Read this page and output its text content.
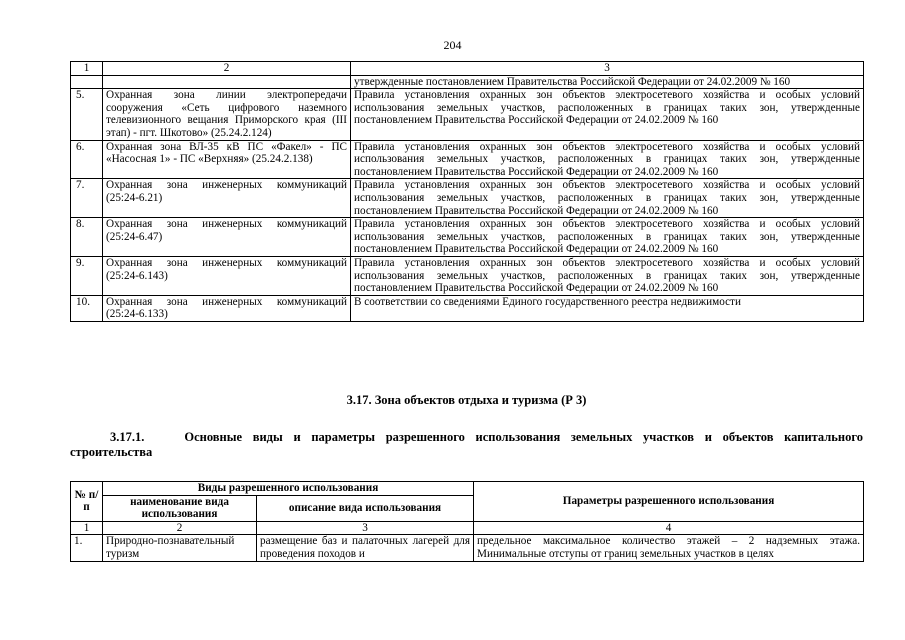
204
1	2	3
		утвержденные постановлением Правительства Российской Федерации от 24.02.2009 № 160
5.	Охранная зона линии электропередачи сооружения «Сеть цифрового наземного телевизионного вещания Приморского края (III этап) - пгт. Шкотово» (25.24.2.124)	Правила установления охранных зон объектов электросетевого хозяйства и особых условий использования земельных участков, расположенных в границах таких зон, утвержденные постановлением Правительства Российской Федерации от 24.02.2009 № 160
6.	Охранная зона ВЛ-35 кВ ПС «Факел» - ПС «Насосная 1» - ПС «Верхняя» (25.24.2.138)	Правила установления охранных зон объектов электросетевого хозяйства и особых условий использования земельных участков, расположенных в границах таких зон, утвержденные постановлением Правительства Российской Федерации от 24.02.2009 № 160
7.	Охранная зона инженерных коммуникаций (25:24-6.21)	Правила установления охранных зон объектов электросетевого хозяйства и особых условий использования земельных участков, расположенных в границах таких зон, утвержденные постановлением Правительства Российской Федерации от 24.02.2009 № 160
8.	Охранная зона инженерных коммуникаций (25:24-6.47)	Правила установления охранных зон объектов электросетевого хозяйства и особых условий использования земельных участков, расположенных в границах таких зон, утвержденные постановлением Правительства Российской Федерации от 24.02.2009 № 160
9.	Охранная зона инженерных коммуникаций (25:24-6.143)	Правила установления охранных зон объектов электросетевого хозяйства и особых условий использования земельных участков, расположенных в границах таких зон, утвержденные постановлением Правительства Российской Федерации от 24.02.2009 № 160
10.	Охранная зона инженерных коммуникаций (25:24-6.133)	В соответствии со сведениями Единого государственного реестра недвижимости
3.17. Зона объектов отдыха и туризма (Р 3)
3.17.1.	Основные виды и параметры разрешенного использования земельных участков и объектов капитального строительства
№ п/п	Виды разрешенного использования		Параметры разрешенного использования
	наименование вида использования	описание вида использования	
1	2	3	4
1.	Природно-познавательный туризм	размещение баз и палаточных лагерей для проведения походов и	предельное максимальное количество этажей – 2 надземных этажа. Минимальные отступы от границ земельных участков в целях
